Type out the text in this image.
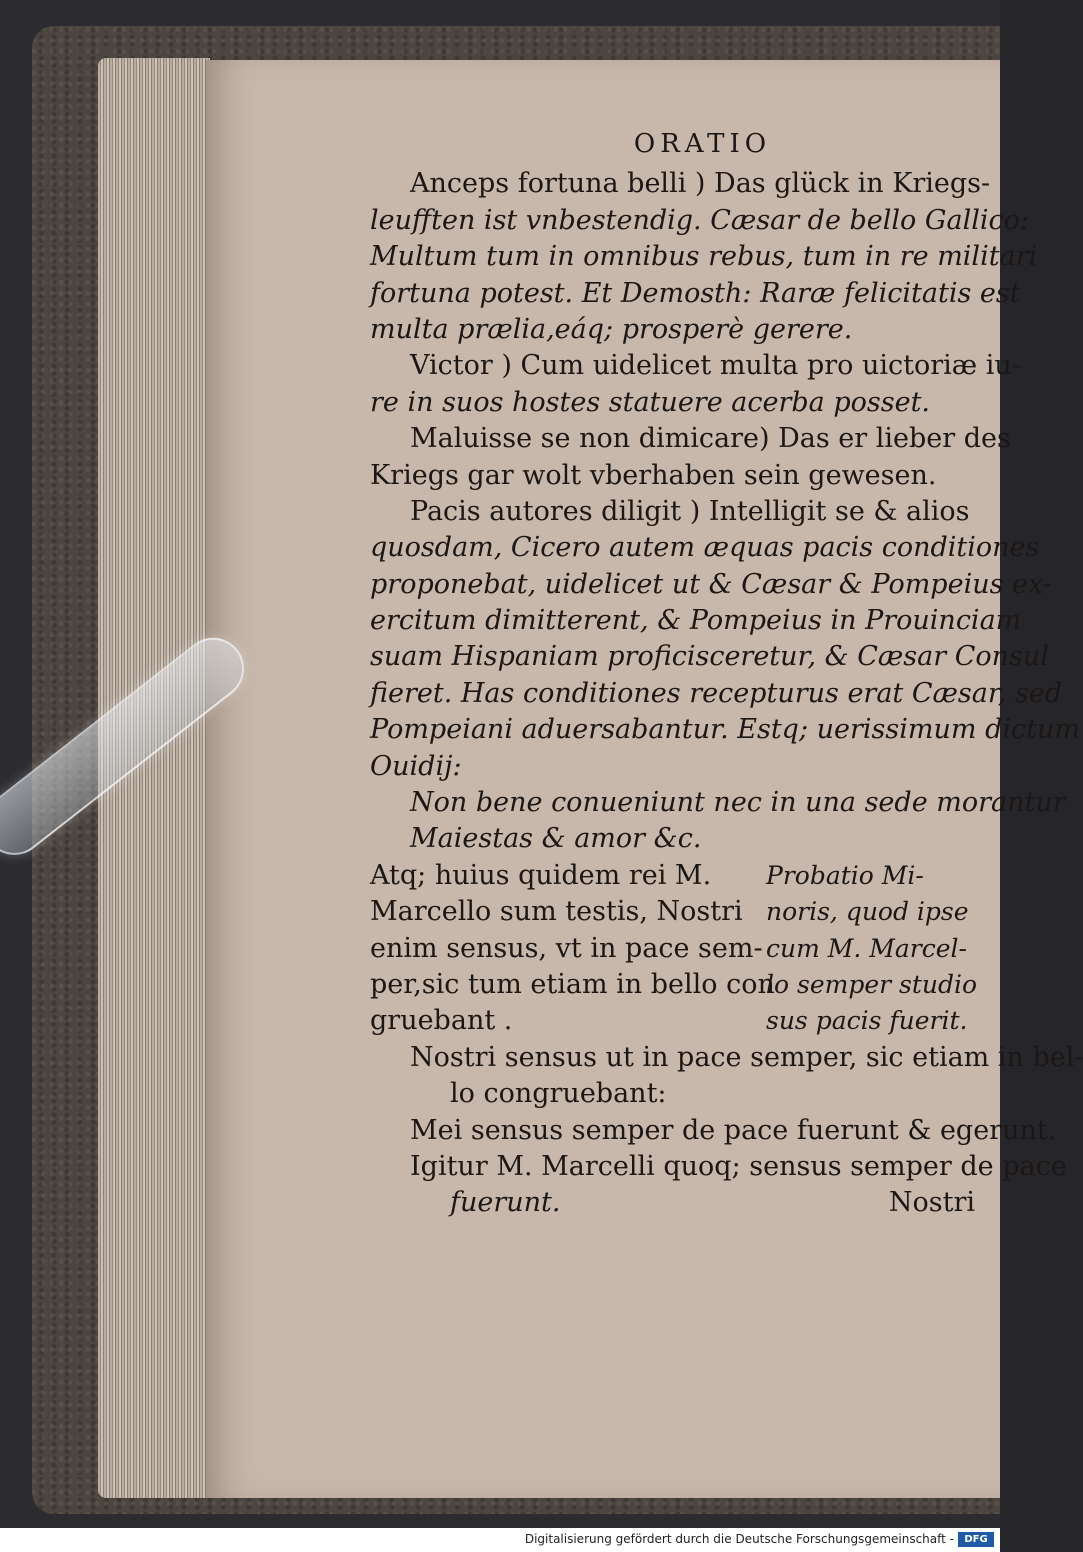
ORATIO
Anceps fortuna belli ) Das glück in Kriegs-
leufften ist vnbestendig. Cæsar de bello Gallico:
Multum tum in omnibus rebus, tum in re militari
fortuna potest. Et Demosth: Raræ felicitatis est
multa prælia,eáq; prosperè gerere.
Victor ) Cum uidelicet multa pro uictoriæ iu-
re in suos hostes statuere acerba posset.
Maluisse se non dimicare) Das er lieber des
Kriegs gar wolt vberhaben sein gewesen.
Pacis autores diligit ) Intelligit se & alios
quosdam, Cicero autem æquas pacis conditiones
proponebat, uidelicet ut & Cæsar & Pompeius ex-
ercitum dimitterent, & Pompeius in Prouinciam
suam Hispaniam proficisceretur, & Cæsar Consul
fieret. Has conditiones recepturus erat Cæsar, sed
Pompeiani aduersabantur. Estq; uerissimum dictum
Ouidij:
Non bene conueniunt nec in una sede morantur
Maiestas & amor &c.
Atq; huius quidem rei M.
Marcello sum testis, Nostri
enim sensus, vt in pace sem-
per,sic tum etiam in bello con
gruebant .
Probatio Mi-
noris, quod ipse
cum M. Marcel-
lo semper studio
sus pacis fuerit.
Nostri sensus ut in pace semper, sic etiam in bel-
lo congruebant:
Mei sensus semper de pace fuerunt & egerunt.
Igitur M. Marcelli quoq; sensus semper de pace
fuerunt.	Nostri
Digitalisierung gefördert durch die Deutsche Forschungsgemeinschaft -	DFG
